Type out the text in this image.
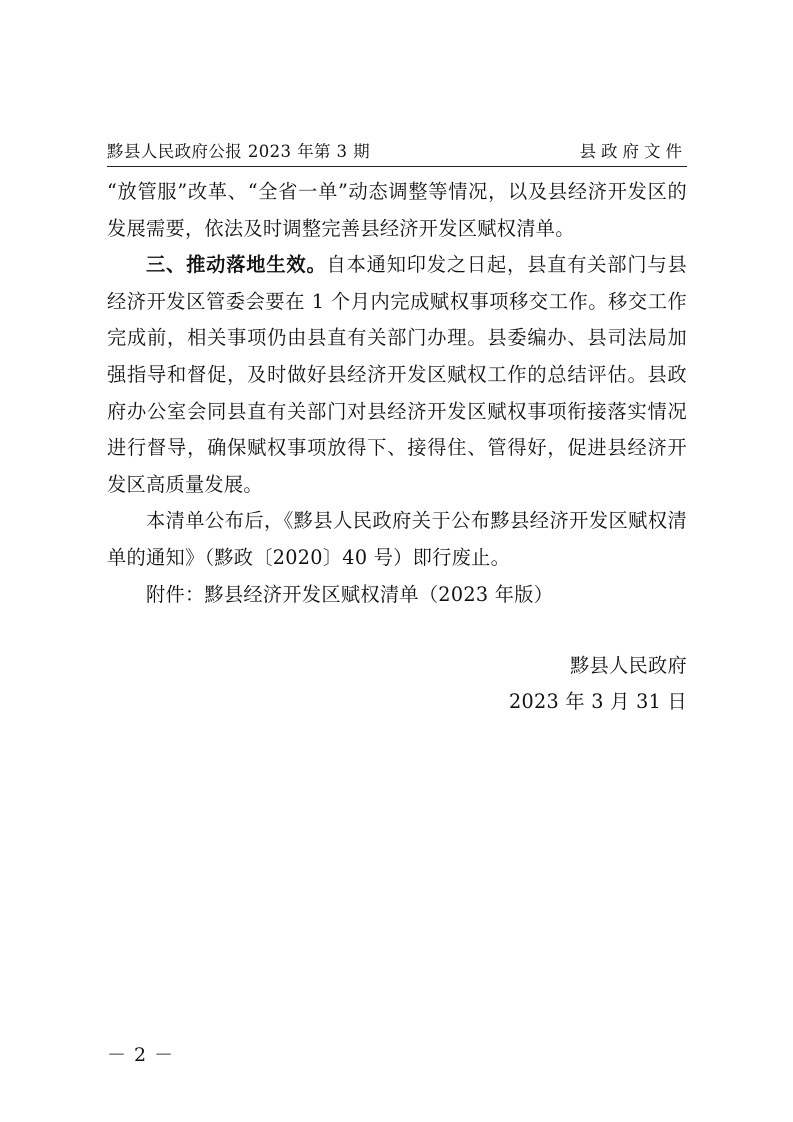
黟县人民政府公报 2023 年第 3 期	县政府文件

“放管服”改革、“全省一单”动态调整等情况，以及县经济开发区的发展需要，依法及时调整完善县经济开发区赋权清单。

三、推动落地生效。自本通知印发之日起，县直有关部门与县经济开发区管委会要在 1 个月内完成赋权事项移交工作。移交工作完成前，相关事项仍由县直有关部门办理。县委编办、县司法局加强指导和督促，及时做好县经济开发区赋权工作的总结评估。县政府办公室会同县直有关部门对县经济开发区赋权事项衔接落实情况进行督导，确保赋权事项放得下、接得住、管得好，促进县经济开发区高质量发展。

本清单公布后，《黟县人民政府关于公布黟县经济开发区赋权清单的通知》（黟政〔2020〕40 号）即行废止。

附件：黟县经济开发区赋权清单（2023 年版）

黟县人民政府
2023 年 3 月 31 日
－ 2 －
